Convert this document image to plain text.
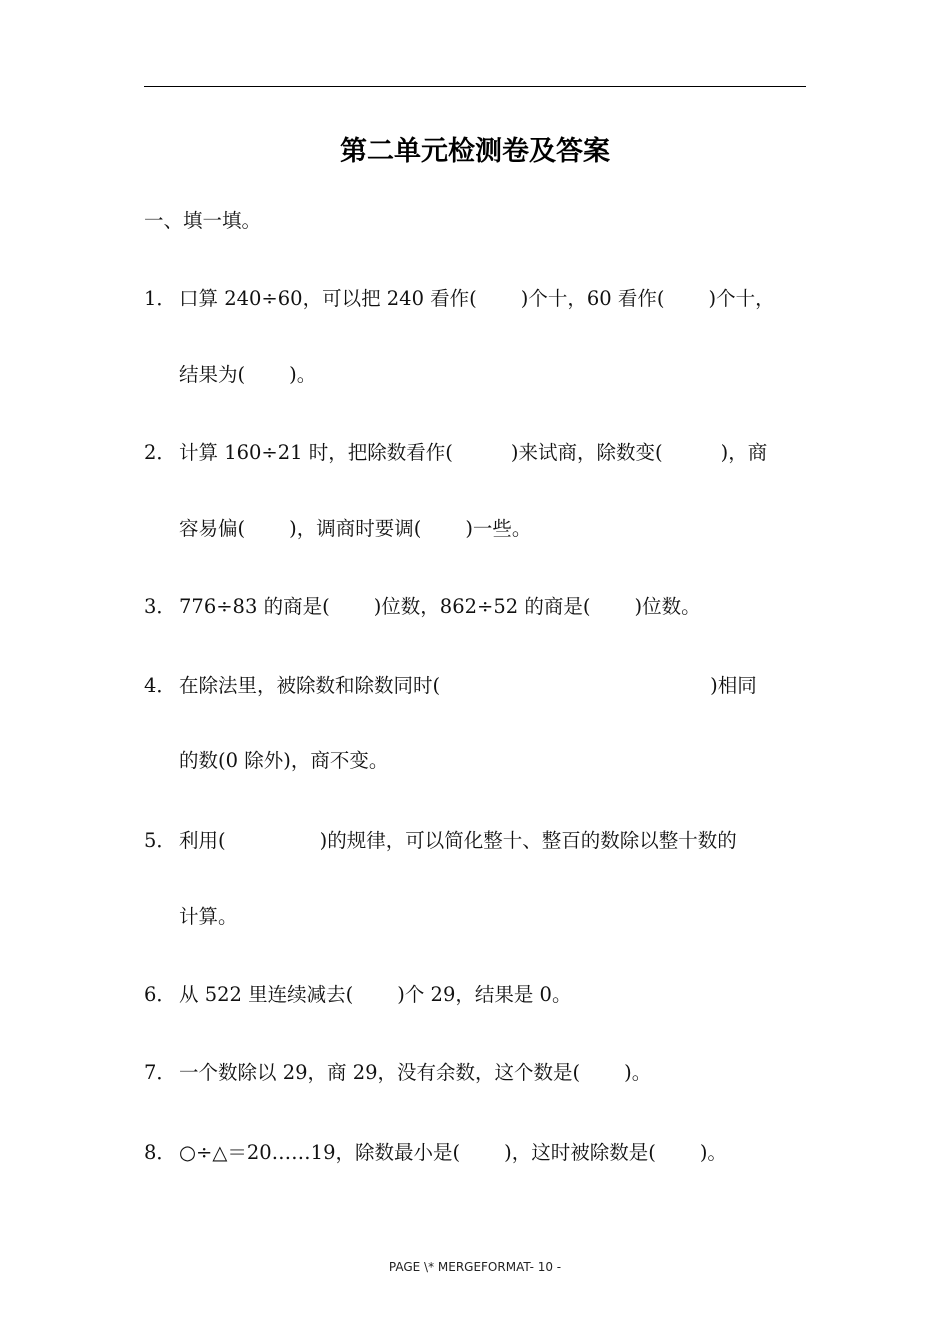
第二单元检测卷及答案
一、填一填。
1． 口算 240÷60，可以把 240 看作( )个十，60 看作( )个十，
结果为( )。
2． 计算 160÷21 时，把除数看作(	)来试商，除数变(	)，商
容易偏( )，调商时要调( )一些。
3． 776÷83 的商是( )位数，862÷52 的商是( )位数。
4． 在除法里，被除数和除数同时(	)相同
的数(0 除外)，商不变。
5． 利用(	)的规律，可以简化整十、整百的数除以整十数的
计算。
6． 从 522 里连续减去( )个 29，结果是 0。
7． 一个数除以 29，商 29，没有余数，这个数是( )。
8． ○÷△＝20……19，除数最小是( )，这时被除数是( )。
PAGE \* MERGEFORMAT- 10 -
